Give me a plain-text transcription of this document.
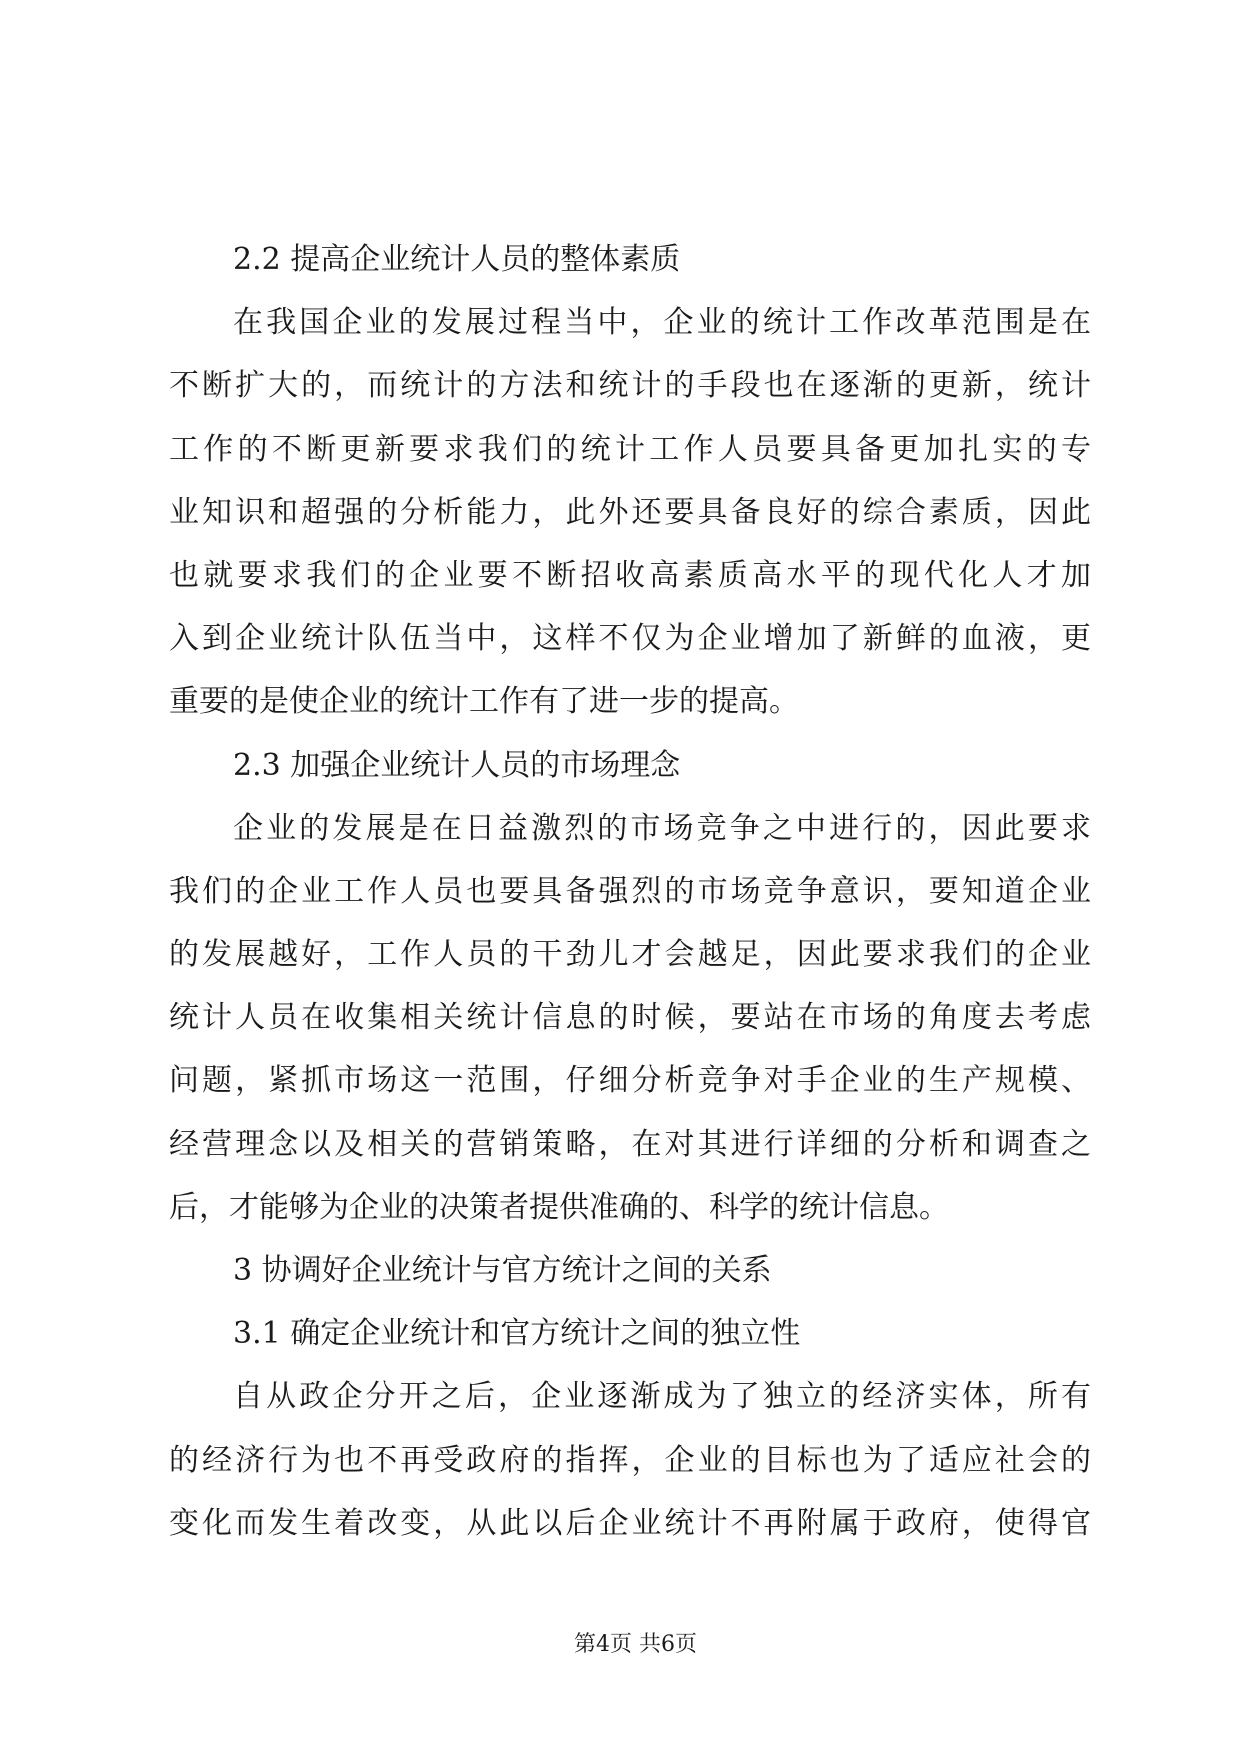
2.2 提高企业统计人员的整体素质
在我国企业的发展过程当中，企业的统计工作改革范围是在
不断扩大的，而统计的方法和统计的手段也在逐渐的更新，统计
工作的不断更新要求我们的统计工作人员要具备更加扎实的专
业知识和超强的分析能力，此外还要具备良好的综合素质，因此
也就要求我们的企业要不断招收高素质高水平的现代化人才加
入到企业统计队伍当中，这样不仅为企业增加了新鲜的血液，更
重要的是使企业的统计工作有了进一步的提高。
2.3 加强企业统计人员的市场理念
企业的发展是在日益激烈的市场竞争之中进行的，因此要求
我们的企业工作人员也要具备强烈的市场竞争意识，要知道企业
的发展越好，工作人员的干劲儿才会越足，因此要求我们的企业
统计人员在收集相关统计信息的时候，要站在市场的角度去考虑
问题，紧抓市场这一范围，仔细分析竞争对手企业的生产规模、
经营理念以及相关的营销策略，在对其进行详细的分析和调查之
后，才能够为企业的决策者提供准确的、科学的统计信息。
3 协调好企业统计与官方统计之间的关系
3.1 确定企业统计和官方统计之间的独立性
自从政企分开之后，企业逐渐成为了独立的经济实体，所有
的经济行为也不再受政府的指挥，企业的目标也为了适应社会的
变化而发生着改变，从此以后企业统计不再附属于政府，使得官
第4页 共6页
